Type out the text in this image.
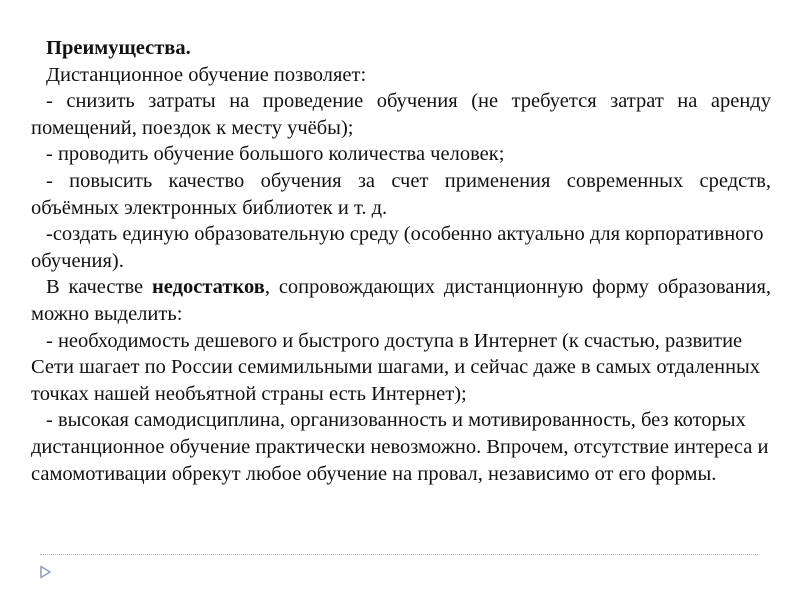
Преимущества.

Дистанционное обучение позволяет:

- снизить затраты на проведение обучения (не требуется затрат на аренду помещений, поездок к месту учёбы);

- проводить обучение большого количества человек;

- повысить качество обучения за счет применения современных средств, объёмных электронных библиотек и т. д.

-создать единую образовательную среду (особенно актуально для корпоративного обучения).

В качестве недостатков, сопровождающих дистанционную форму образования, можно выделить:

- необходимость дешевого и быстрого доступа в Интернет (к счастью, развитие Сети шагает по России семимильными шагами, и сейчас даже в самых отдаленных точках нашей необъятной страны есть Интернет);

- высокая самодисциплина, организованность и мотивированность, без которых дистанционное обучение практически невозможно. Впрочем, отсутствие интереса и самомотивации обрекут любое обучение на провал, независимо от его формы.
